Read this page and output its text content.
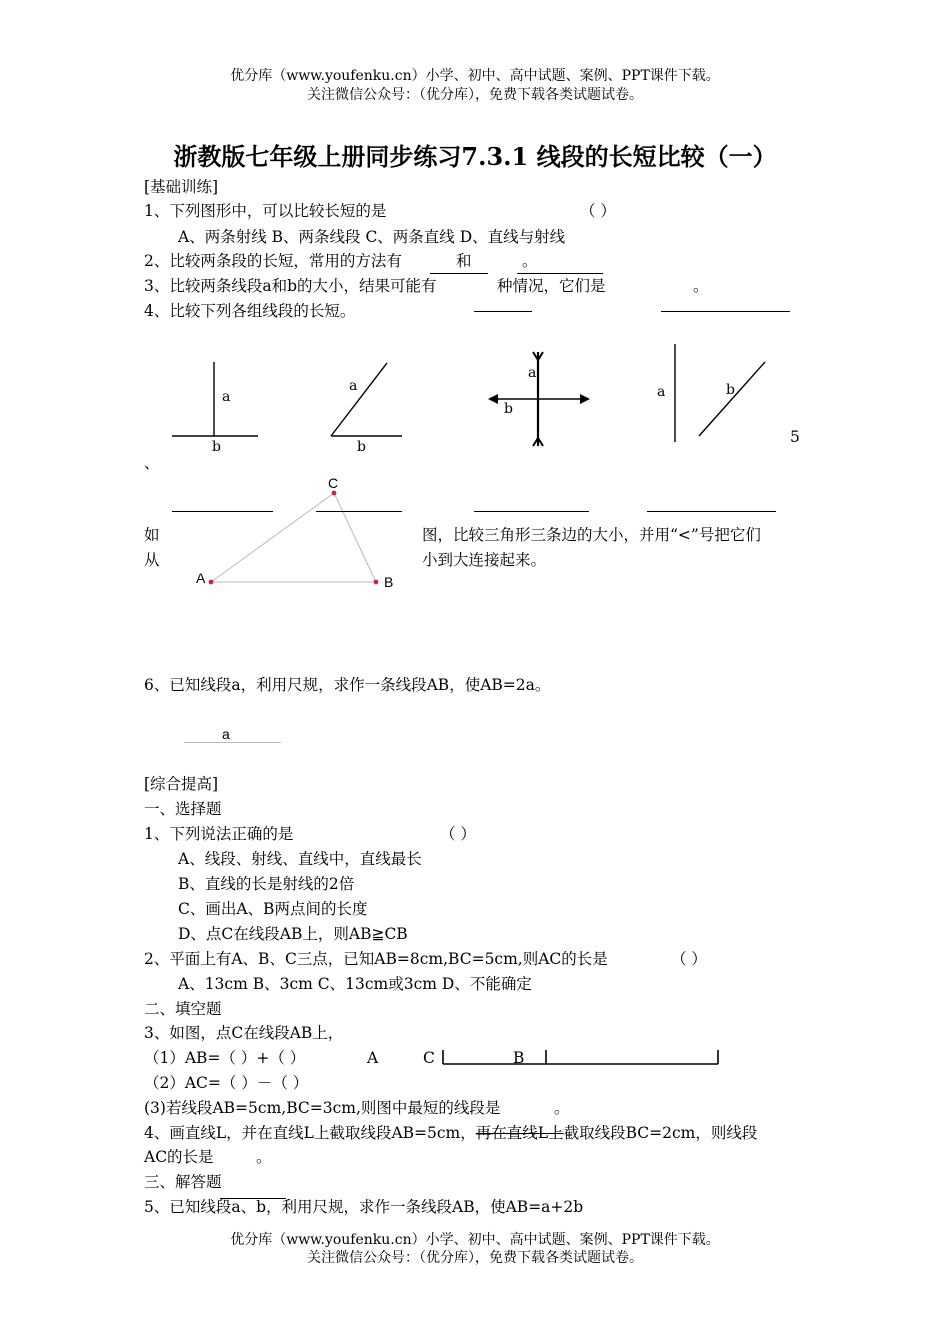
优分库（www.youfenku.cn）小学、初中、高中试题、案例、PPT课件下载。
关注微信公众号：（优分库），免费下载各类试题试卷。
浙教版七年级上册同步练习7.3.1 线段的长短比较（一）
[基础训练]
1、下列图形中，可以比较长短的是	（ ）
A、两条射线 B、两条线段 C、两条直线 D、直线与射线
2、比较两条段的长短，常用的方法有	和	。
3、比较两条线段a和b的大小，结果可能有	种情况，它们是	。
4、比较下列各组线段的长短。
a
b
a
b
a
b
a	b
5
、
C
A	B
如
从
图，比较三角形三条边的大小，并用“<”号把它们
小到大连接起来。
6、已知线段a，利用尺规，求作一条线段AB，使AB=2a。
a
[综合提高]
一、选择题
1、下列说法正确的是	（ ）
A、线段、射线、直线中，直线最长
B、直线的长是射线的2倍
C、画出A、B两点间的长度
D、点C在线段AB上，则AB≧CB
2、平面上有A、B、C三点，已知AB=8cm,BC=5cm,则AC的长是	（ ）
A、13cm B、3cm C、13cm或3cm D、不能确定
二、填空题
3、如图，点C在线段AB上，
（1）AB=（ ）+（ ）	A	C	B
（2）AC=（ ）－（ ）
(3)若线段AB=5cm,BC=3cm,则图中最短的线段是	。
4、画直线L，并在直线L上截取线段AB=5cm，再在直线L上截取线段BC=2cm，则线段
AC的长是	。
三、解答题
5、已知线段a、b，利用尺规，求作一条线段AB，使AB=a+2b
优分库（www.youfenku.cn）小学、初中、高中试题、案例、PPT课件下载。
关注微信公众号：（优分库），免费下载各类试题试卷。
